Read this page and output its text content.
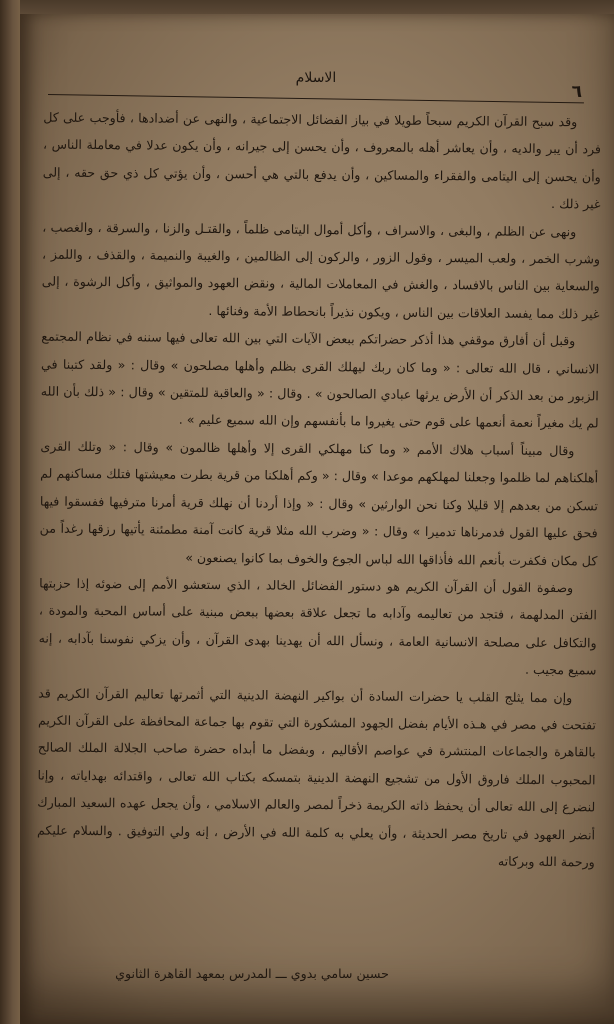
الاسلام
٦

وقد سبح القرآن الكريم سبحاً طويلا في بياز الفضائل الاجتماعية ، والنهى عن أضدادها ، فأوجب على كل فرد أن يبر والديه ، وأن يعاشر أهله بالمعروف ، وأن يحسن إلى جيرانه ، وأن يكون عدلا في معاملة الناس ، وأن يحسن إلى اليتامى والفقراء والمساكين ، وأن يدفع بالتي هي أحسن ، وأن يؤتي كل ذي حق حقه ، إلى غير ذلك .

ونهى عن الظلم ، والبغى ، والاسراف ، وأكل أموال اليتامى ظلماً ، والقتـل والزنا ، والسرقة ، والغصب ، وشرب الخمر ، ولعب الميسر ، وقول الزور ، والركون إلى الظالمين ، والغيبة والنميمة ، والقذف ، واللمز ، والسعاية بين الناس بالافساد ، والغش في المعاملات المالية ، ونقض العهود والمواثيق ، وأكل الرشوة ، إلى غير ذلك مما يفسد العلاقات بين الناس ، ويكون نذيراً بانحطاط الأمة وفنائها .

وقبل أن أفارق موقفي هذا أذكر حضراتكم ببعض الآيات التي بين الله تعالى فيها سننه في نظام المجتمع الانساني ، قال الله تعالى : « وما كان ربك ليهلك القرى بظلم وأهلها مصلحون » وقال : « ولقد كتبنا في الزبور من بعد الذكر أن الأرض يرثها عبادي الصالحون » . وقال : « والعاقبة للمتقين » وقال : « ذلك بأن الله لم يك مغيراً نعمة أنعمها على قوم حتى يغيروا ما بأنفسهم وإن الله سميع عليم » .

وقال مبيناً أسباب هلاك الأمم « وما كنا مهلكي القرى إلا وأهلها ظالمون » وقال : « وتلك القرى أهلكناهم لما ظلموا وجعلنا لمهلكهم موعدا » وقال : « وكم أهلكنا من قرية بطرت معيشتها فتلك مساكنهم لم تسكن من بعدهم إلا قليلا وكنا نحن الوارثين » وقال : « وإذا أردنا أن نهلك قرية أمرنا مترفيها ففسقوا فيها فحق عليها القول فدمرناها تدميرا » وقال : « وضرب الله مثلا قرية كانت آمنة مطمئنة يأتيها رزقها رغداً من كل مكان فكفرت بأنعم الله فأذاقها الله لباس الجوع والخوف بما كانوا يصنعون »

وصفوة القول أن القرآن الكريم هو دستور الفضائل الخالد ، الذي ستعشو الأمم إلى ضوئه إذا حزبتها الفتن المدلهمة ، فتجد من تعاليمه وآدابه ما تجعل علاقة بعضها ببعض مبنية على أساس المحبة والمودة ، والتكافل على مصلحة الانسانية العامة ، ونسأل الله أن يهدينا بهدى القرآن ، وأن يزكي نفوسنا بآدابه ، إنه سميع مجيب .

وإن مما يثلج القلب يا حضرات السادة أن بواكير النهضة الدينية التي أثمرتها تعاليم القرآن الكريم قد تفتحت في مصر في هـذه الأيام بفضل الجهود المشكورة التي تقوم بها جماعة المحافظة على القرآن الكريم بالقاهرة والجماعات المنتشرة في عواصم الأقاليم ، وبفضل ما أبداه حضرة صاحب الجلالة الملك الصالح المحبوب الملك فاروق الأول من تشجيع النهضة الدينية بتمسكه بكتاب الله تعالى ، واقتدائه بهداياته ، وإنا لنضرع إلى الله تعالى أن يحفظ ذاته الكريمة ذخراً لمصر والعالم الاسلامي ، وأن يجعل عهده السعيد المبارك أنضر العهود في تاريخ مصر الحديثة ، وأن يعلي به كلمة الله في الأرض ، إنه ولي التوفيق . والسلام عليكم ورحمة الله وبركاته

حسين سامي بدوي ـــ المدرس بمعهد القاهرة الثانوي
